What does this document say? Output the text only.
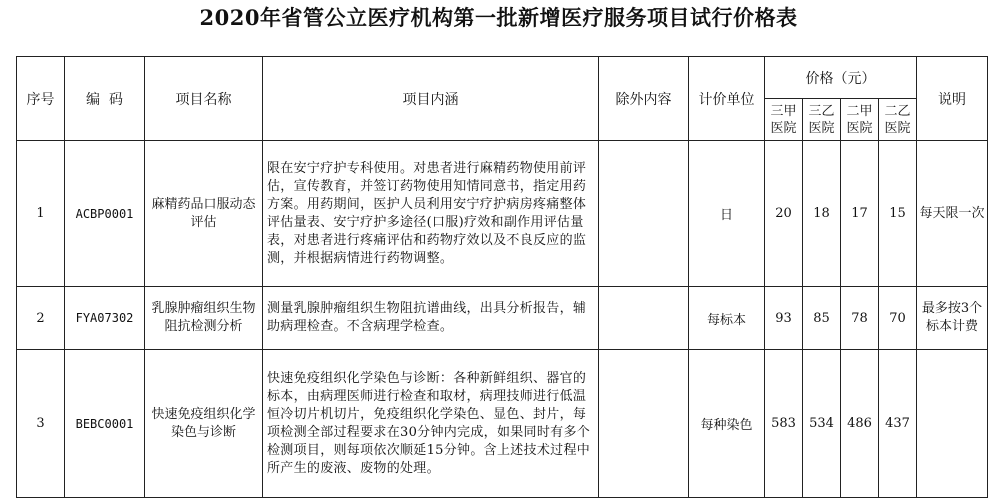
2020年省管公立医疗机构第一批新增医疗服务项目试行价格表
序号	编  码	项目名称	项目内涵	除外内容	计价单位	价格（元）				说明
						三甲医院	三乙医院	二甲医院	二乙医院	
1	ACBP0001	麻精药品口服动态评估	限在安宁疗护专科使用。对患者进行麻精药物使用前评估，宣传教育，并签订药物使用知情同意书，指定用药方案。用药期间，医护人员利用安宁疗护病房疼痛整体评估量表、安宁疗护多途径(口服)疗效和副作用评估量表，对患者进行疼痛评估和药物疗效以及不良反应的监测，并根据病情进行药物调整。		日	20	18	17	15	每天限一次
2	FYA07302	乳腺肿瘤组织生物阻抗检测分析	测量乳腺肿瘤组织生物阻抗谱曲线，出具分析报告，辅助病理检查。不含病理学检查。		每标本	93	85	78	70	最多按3个标本计费
3	BEBC0001	快速免疫组织化学染色与诊断	快速免疫组织化学染色与诊断：各种新鲜组织、器官的标本，由病理医师进行检查和取材，病理技师进行低温恒冷切片机切片，免疫组织化学染色、显色、封片，每项检测全部过程要求在30分钟内完成，如果同时有多个检测项目，则每项依次顺延15分钟。含上述技术过程中所产生的废液、废物的处理。		每种染色	583	534	486	437	
